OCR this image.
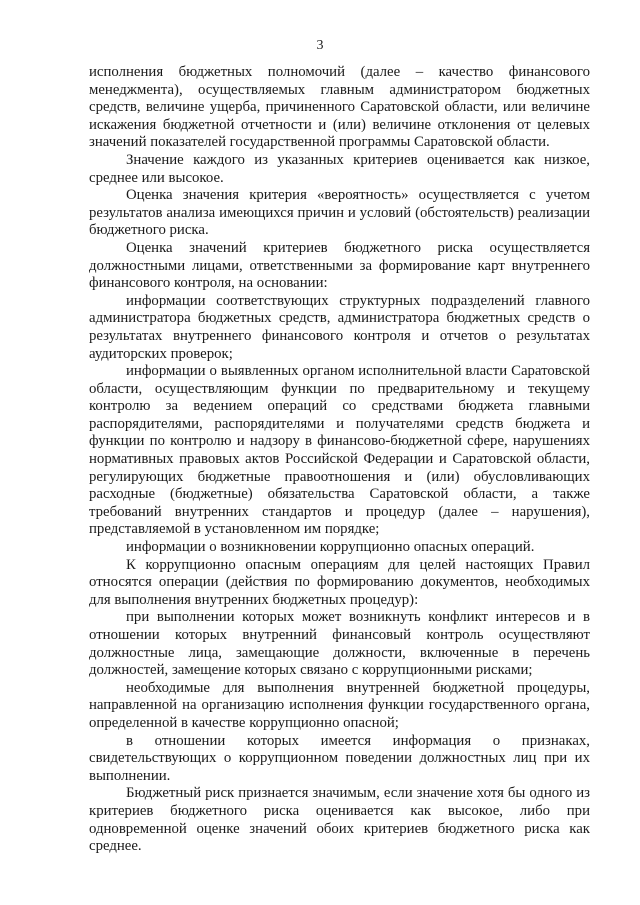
3

исполнения бюджетных полномочий (далее – качество финансового менеджмента), осуществляемых главным администратором бюджетных средств, величине ущерба, причиненного Саратовской области, или величине искажения бюджетной отчетности и (или) величине отклонения от целевых значений показателей государственной программы Саратовской области.

Значение каждого из указанных критериев оценивается как низкое, среднее или высокое.

Оценка значения критерия «вероятность» осуществляется с учетом результатов анализа имеющихся причин и условий (обстоятельств) реализации бюджетного риска.

Оценка значений критериев бюджетного риска осуществляется должностными лицами, ответственными за формирование карт внутреннего финансового контроля, на основании:

информации соответствующих структурных подразделений главного администратора бюджетных средств, администратора бюджетных средств о результатах внутреннего финансового контроля и отчетов о результатах аудиторских проверок;

информации о выявленных органом исполнительной власти Саратовской области, осуществляющим функции по предварительному и текущему контролю за ведением операций со средствами бюджета главными распорядителями, распорядителями и получателями средств бюджета и функции по контролю и надзору в финансово-бюджетной сфере, нарушениях нормативных правовых актов Российской Федерации и Саратовской области, регулирующих бюджетные правоотношения и (или) обусловливающих расходные (бюджетные) обязательства Саратовской области, а также требований внутренних стандартов и процедур (далее – нарушения), представляемой в установленном им порядке;

информации о возникновении коррупционно опасных операций.

К коррупционно опасным операциям для целей настоящих Правил относятся операции (действия по формированию документов, необходимых для выполнения внутренних бюджетных процедур):

при выполнении которых может возникнуть конфликт интересов и в отношении которых внутренний финансовый контроль осуществляют должностные лица, замещающие должности, включенные в перечень должностей, замещение которых связано с коррупционными рисками;

необходимые для выполнения внутренней бюджетной процедуры, направленной на организацию исполнения функции государственного органа, определенной в качестве коррупционно опасной;

в отношении которых имеется информация о признаках, свидетельствующих о коррупционном поведении должностных лиц при их выполнении.

Бюджетный риск признается значимым, если значение хотя бы одного из критериев бюджетного риска оценивается как высокое, либо при одновременной оценке значений обоих критериев бюджетного риска как среднее.
